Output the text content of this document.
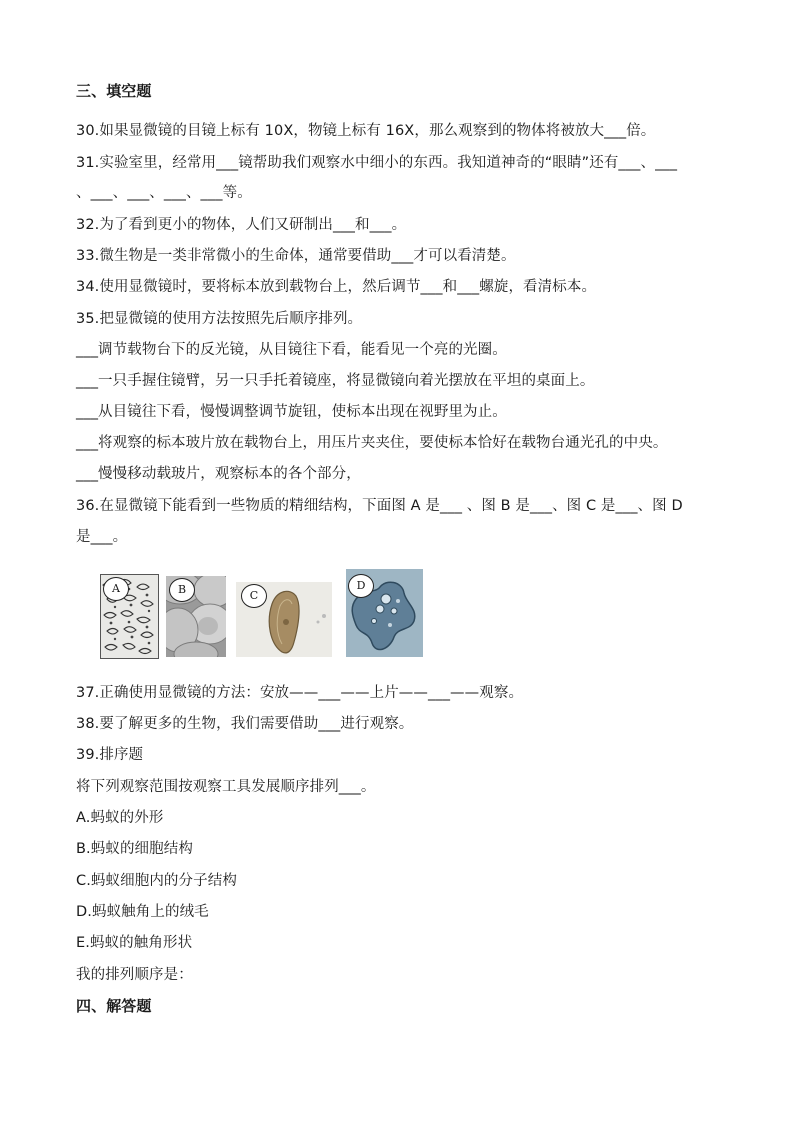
三、填空题
30.如果显微镜的目镜上标有 10X，物镜上标有 16X，那么观察到的物体将被放大___倍。
31.实验室里，经常用___镜帮助我们观察水中细小的东西。我知道神奇的“眼睛”还有___、___
、___、___、___、___等。
32.为了看到更小的物体，人们又研制出___和___。
33.微生物是一类非常微小的生命体，通常要借助___才可以看清楚。
34.使用显微镜时，要将标本放到载物台上，然后调节___和___螺旋，看清标本。
35.把显微镜的使用方法按照先后顺序排列。
___调节载物台下的反光镜，从目镜往下看，能看见一个亮的光圈。
___一只手握住镜臂，另一只手托着镜座，将显微镜向着光摆放在平坦的桌面上。
___从目镜往下看，慢慢调整调节旋钮，使标本出现在视野里为止。
___将观察的标本玻片放在载物台上，用压片夹夹住，要使标本恰好在载物台通光孔的中央。
___慢慢移动载玻片，观察标本的各个部分，
36.在显微镜下能看到一些物质的精细结构，下面图 A 是___ 、图 B 是___、图 C 是___、图 D
是___。
A	B	C
D
37.正确使用显微镜的方法：安放——___——上片——___——观察。
38.要了解更多的生物，我们需要借助___进行观察。
39.排序题
将下列观察范围按观察工具发展顺序排列___。
A.蚂蚁的外形
B.蚂蚁的细胞结构
C.蚂蚁细胞内的分子结构
D.蚂蚁触角上的绒毛
E.蚂蚁的触角形状
我的排列顺序是：
四、解答题
